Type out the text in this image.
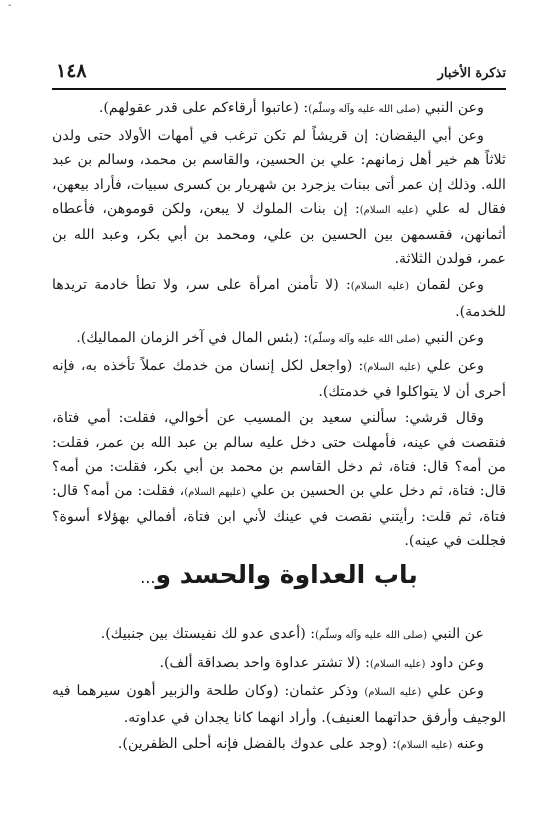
-
تذكرة الأخبار
١٤٨

وعن النبي (صلى الله عليه وآله وسلّم): (عاتبوا أرقاءكم على قدر عقولهم).

وعن أبي اليقضان: إن قريشاً لم تكن ترغب في أمهات الأولاد حتى ولدن ثلاثاً هم خير أهل زمانهم: علي بن الحسين، والقاسم بن محمد، وسالم بن عبد الله. وذلك إن عمر أتى ببنات يزجرد بن شهريار بن كسرى سبيات، فأراد بيعهن، فقال له علي (عليه السلام): إن بنات الملوك لا يبعن، ولكن قوموهن، فأعطاه أثمانهن، فقسمهن بين الحسين بن علي، ومحمد بن أبي بكر، وعبد الله بن عمر، فولدن الثلاثة.

وعن لقمان (عليه السلام): (لا تأمنن امرأة على سر، ولا تطأ خادمة تريدها للخدمة).

وعن النبي (صلى الله عليه وآله وسلّم): (بئس المال في آخر الزمان المماليك).

وعن علي (عليه السلام): (واجعل لكل إنسان من خدمك عملاً تأخذه به، فإنه أحرى أن لا يتواكلوا في خدمتك).

وقال قرشي: سألني سعيد بن المسيب عن أخوالي، فقلت: أمي فتاة، فنقصت في عينه، فأمهلت حتى دخل عليه سالم بن عبد الله بن عمر، فقلت: من أمه؟ قال: فتاة، ثم دخل القاسم بن محمد بن أبي بكر، فقلت: من أمه؟ قال: فتاة، ثم دخل علي بن الحسين بن علي (عليهم السلام)، فقلت: من أمه؟ قال: فتاة، ثم قلت: رأيتني نقصت في عينك لأني ابن فتاة، أفمالي بهؤلاء أسوة؟ فجللت في عينه).

باب العداوة والحسد و...

عن النبي (صلى الله عليه وآله وسلّم): (أعدى عدو لك نفيستك بين جنبيك).

وعن داود (عليه السلام): (لا تشتر عداوة واحد بصداقة ألف).

وعن علي (عليه السلام) وذكر عثمان: (وكان طلحة والزبير أهون سيرهما فيه الوجيف وأرفق حداتهما العنيف). وأراد انهما كانا يجدان في عداوته.

وعنه (عليه السلام): (وجد على عدوك بالفضل فإنه أحلى الظفرين).
